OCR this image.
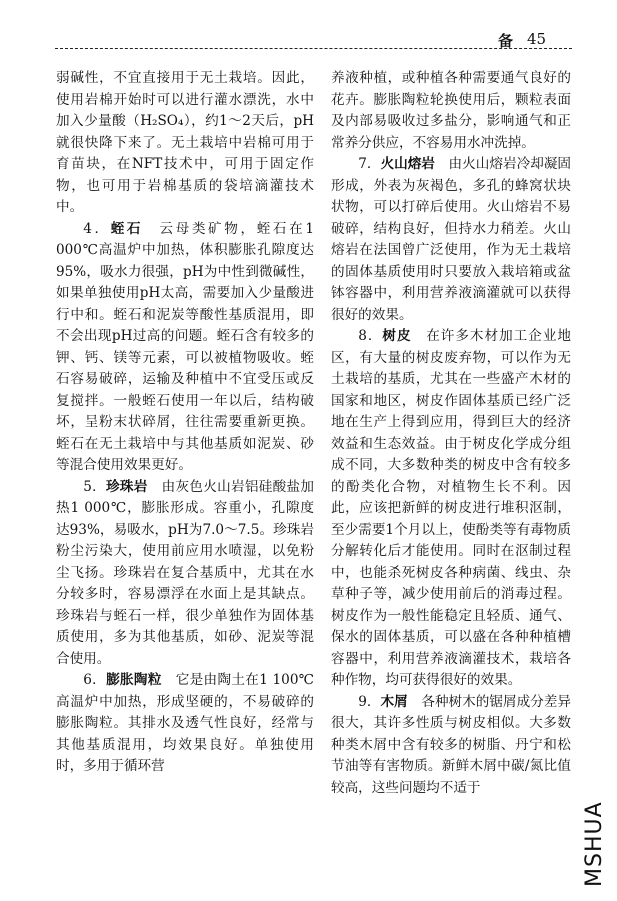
备 45

弱碱性，不宜直接用于无土栽培。因此，使用岩棉开始时可以进行灌水漂洗，水中加入少量酸（H₂SO₄），约1～2天后，pH就很快降下来了。无土栽培中岩棉可用于育苗块，在NFT技术中，可用于固定作物，也可用于岩棉基质的袋培滴灌技术中。

4．蛭石　 云母类矿物，蛭石在1 000℃高温炉中加热，体积膨胀孔隙度达95%，吸水力很强，pH为中性到微碱性，如果单独使用pH太高，需要加入少量酸进行中和。蛭石和泥炭等酸性基质混用，即不会出现pH过高的问题。蛭石含有较多的钾、钙、镁等元素，可以被植物吸收。蛭石容易破碎，运输及种植中不宜受压或反复搅拌。一般蛭石使用一年以后，结构破坏，呈粉末状碎屑，往往需要重新更换。蛭石在无土栽培中与其他基质如泥炭、砂等混合使用效果更好。

5．珍珠岩　 由灰色火山岩铝硅酸盐加热1 000℃，膨胀形成。容重小，孔隙度达93%，易吸水，pH为7.0～7.5。珍珠岩粉尘污染大，使用前应用水喷湿，以免粉尘飞扬。珍珠岩在复合基质中，尤其在水分较多时，容易漂浮在水面上是其缺点。珍珠岩与蛭石一样，很少单独作为固体基质使用，多为其他基质，如砂、泥炭等混合使用。

6．膨胀陶粒　 它是由陶土在1 100℃高温炉中加热，形成坚硬的，不易破碎的膨胀陶粒。其排水及透气性良好，经常与其他基质混用，均效果良好。单独使用时，多用于循环营

养液种植，或种植各种需要通气良好的花卉。膨胀陶粒轮换使用后，颗粒表面及内部易吸收过多盐分，影响通气和正常养分供应，不容易用水冲洗掉。

7．火山熔岩　 由火山熔岩冷却凝固形成，外表为灰褐色，多孔的蜂窝状块状物，可以打碎后使用。火山熔岩不易破碎，结构良好，但持水力稍差。火山熔岩在法国曾广泛使用，作为无土栽培的固体基质使用时只要放入栽培箱或盆钵容器中，利用营养液滴灌就可以获得很好的效果。

8．树皮　 在许多木材加工企业地区，有大量的树皮废弃物，可以作为无土栽培的基质，尤其在一些盛产木材的国家和地区，树皮作固体基质已经广泛地在生产上得到应用，得到巨大的经济效益和生态效益。由于树皮化学成分组成不同，大多数种类的树皮中含有较多的酚类化合物，对植物生长不利。因此，应该把新鲜的树皮进行堆积沤制，至少需要1个月以上，使酚类等有毒物质分解转化后才能使用。同时在沤制过程中，也能杀死树皮各种病菌、线虫、杂草种子等，减少使用前后的消毒过程。树皮作为一般性能稳定且轻质、通气、保水的固体基质，可以盛在各种种植槽容器中，利用营养液滴灌技术，栽培各种作物，均可获得很好的效果。

9．木屑　 各种树木的锯屑成分差异很大，其许多性质与树皮相似。大多数种类木屑中含有较多的树脂、丹宁和松节油等有害物质。新鲜木屑中碳/氮比值较高，这些问题均不适于

MSHUA
